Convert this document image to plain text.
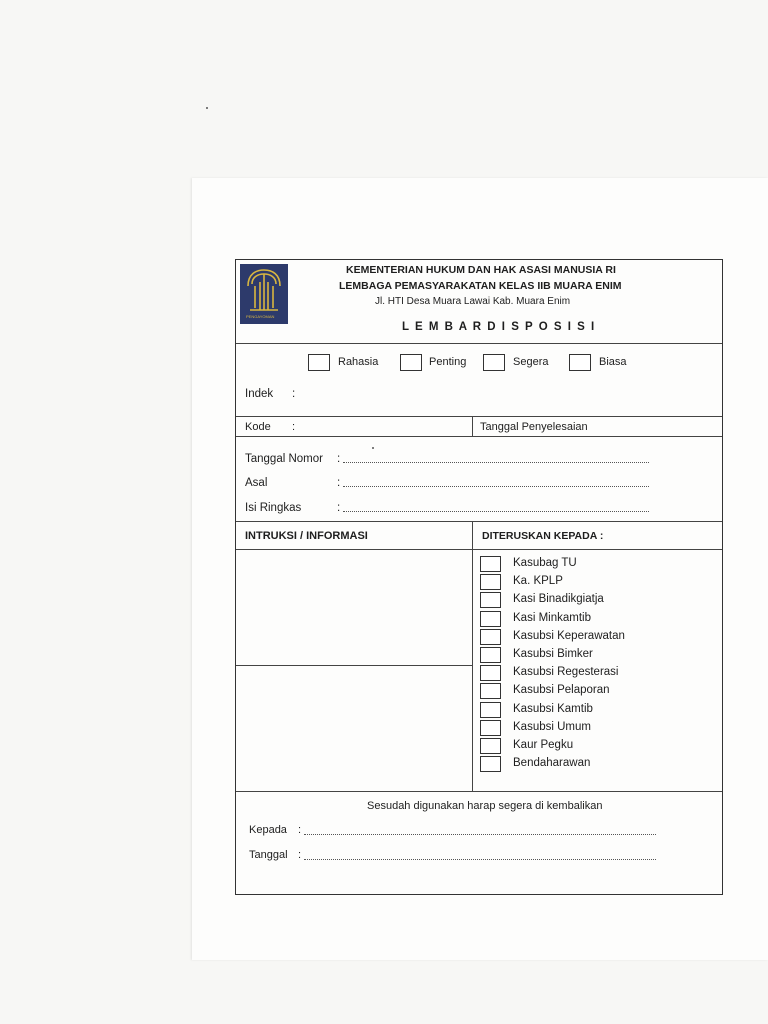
PENGAYOMAN
KEMENTERIAN HUKUM DAN HAK ASASI MANUSIA RI
LEMBAGA PEMASYARAKATAN KELAS IIB MUARA ENIM
Jl. HTI Desa Muara Lawai Kab. Muara Enim
L E M B A R D I S P O S I S I
Rahasia	Penting	Segera	Biasa
Indek :
Kode :	Tanggal Penyelesaian
Tanggal Nomor :
Asal	:
Isi Ringkas	:
INTRUKSI / INFORMASI	DITERUSKAN KEPADA :
Kasubag TU
Ka. KPLP
Kasi Binadikgiatja
Kasi Minkamtib
Kasubsi Keperawatan
Kasubsi Bimker
Kasubsi Regesterasi
Kasubsi Pelaporan
Kasubsi Kamtib
Kasubsi Umum
Kaur Pegku
Bendaharawan
Sesudah digunakan harap segera di kembalikan
Kepada :
Tanggal :
